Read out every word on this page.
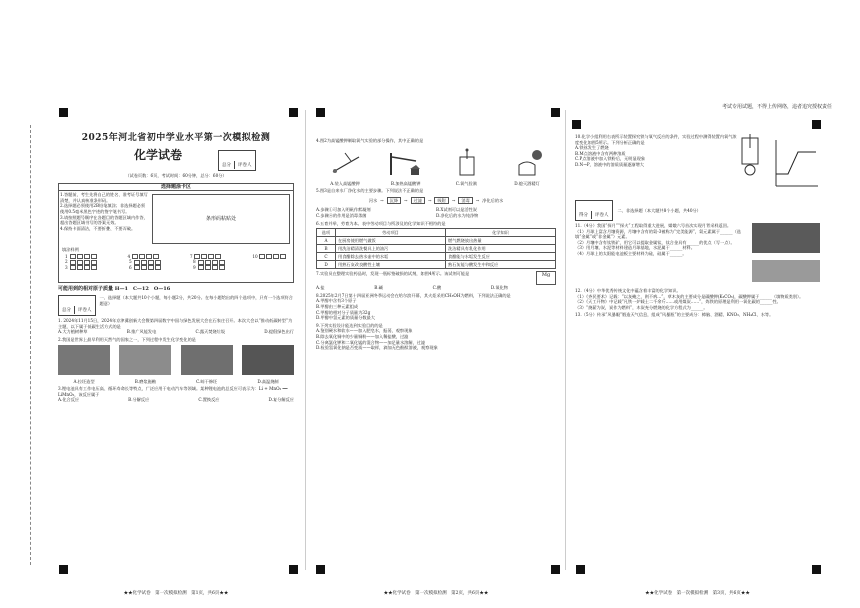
考试专用试题，不得上传网络，违者追究授权责任
2025年河北省初中学业水平第一次模拟检测
化学试卷
总分 评卷人
（试卷页数：6页，考试时间：60分钟，总分：60分）
选择题涂卡区
1.答题前，考生先将自己的姓名、准考证号填写清楚，并认真核准条形码。
2.选择题必须使用2B铅笔填涂；非选择题必须使用0.5毫米黑色字迹的签字笔书写。
3.请按照题号顺序在各题目的答题区域内作答，超出答题区域书写的答案无效。
4.保持卡面清洁，不要折叠、不要弄破。
条形码粘贴处
填涂样例
1	4	7	10
2	5	8
3	6	9
可能用到的相对原子质量 H—1　C—12　O—16
总分 评卷人
一、选择题（本大题共10个小题，每小题2分，共20分。在每小题给出的四个选项中，只有一个选项符合题意）
1. 2024年11月15日，2024年京津冀创新大会暨第四届数字中国与绿色发展大会在石家庄召开。本次大会以“推动低碳转型”为主题，以下属于低碳生活方式的是
A.大力植树种草	B.推广风能发电	C.露天焚烧垃圾	D.提倡绿色出行
2.我国是世界上最早利用天然气的国家之一，下列过程中发生化学变化的是
A.拉坯造型	B.磨浆施釉	C.晾干修坯	D.高温烧制
3.锂电池具有工作电压高、循环寿命长等特点，广泛应用于电动汽车等领域。某种锂电池的总反应可表示为：Li + MnO₂ ══ LiMnO₂，该反应属于
A.化合反应	B.分解反应	C.置换反应	D.复分解反应
★★化学试卷　第一次模拟检测　第1页，共6页★★
4.图2为高锰酸钾制取氧气实验的部分操作，其中正确的是
A.装入高锰酸钾	B.加热高锰酸钾	C.氧气验满	D.熄灭酒精灯
5.图3是自来水厂净化水的主要步骤。下列说法不正确的是
河水 →	沉降	→	过滤	→	吸附	→	消毒	→ 净化后的水
A.步骤①可加入明矾作絮凝剂	B.X试剂可以是活性炭
C.步骤④的作用是消毒杀菌	D.净化后的水为纯净物
6.五育并举，劳育为本。表中劳动项目与所涉及的化学知识不相符的是
选项	劳动项目	化学知识
A	在厨房使用燃气做饭	燃气燃烧放出热量
B	用洗洁精清洗餐具上的油污	洗洁精具有乳化作用
C	用食醋除去热水壶中的水垢	食醋能与水垢发生反应
D	用熟石灰改良酸性土壤	熟石灰能与酸发生中和反应
7.实验员在整理实验药品时，发现一瓶标签破损的试剂，如图4所示。该试剂可能是	Mg
A.盐	B.碱	C.酸	D.氧化物
8.2025年2月7日第十四届亚洲冬季运动会在哈尔滨开幕，其火炬采用CH₃OH为燃料，下列说法正确的是
A.甲醇中含有3个原子
B.甲醇由三种元素组成
C.甲醇的相对分子质量为32g
D.甲醇中氢元素的质量分数最大
9.下列实验设计能达到实验目的的是
A.鉴别硬水和软水——加入肥皂水，振荡，观察现象
B.除去氧化铜中的少量铜粉——加入稀盐酸，过滤
C.分离氯化钾和二氧化锰的混合物——加足量水溶解，过滤
D.检验氢氧化钠是否变质——取样，滴加无色酚酞溶液，观察现象
★★化学试卷　第一次模拟检测　第2页，共6页★★
10.化学小组利用右表所示装置探究铁与氧气反应的条件，实验过程中测得装置内氧气浓度变化如图5所示。下列分析正确的是
A.铁丝发生了燃烧
B.M点溶液中含有两种溶质
C.P点溶液中加入铁粉后，无明显现象
D.N→P，溶液中的溶质质量逐渐增大
得分 评卷人
二、非选择题（本大题共8个小题，共40分）
11.（4分）我国“探月”“探火”工程取得重大进展，嫦娥六号首次实现月背采样返回。
（1）月球上富含月壤资源，月壤中含有的氦-3被称为“完美能源”，氦元素属于______（选填“金属”或“非金属”）元素。
（2）月壤中含有钛铁矿，用它可以提取金属钛，钛合金具有______的优点（写一点）。
（3）用月壤、水泥等材料建造月球基地，水泥属于______材料。
（4）月球上的太阳能电池板主要材料为硅，硅属于______。

12.（4分）中华优秀传统文化中蕴含着丰富的化学知识。
（1）《齐民要术》记载：“以灰掩之，则不病...”，草木灰的主要成分是碳酸钾(K₂CO₃)，碳酸钾属于______（填物质类别）。
（2）《天工开物》中记载“凡铁一炉载土二千余斤……或用煤炭……”，炼铁的原理是利用一氧化碳的______性。
（3）“烧薪为炭，炭作为燃料”，木炭充分燃烧的化学方程式为______。
13.（5分）传承“风暴眼”锻造天气信息，组成“风暴瓶”的主要成分：樟脑、酒精、KNO₃、NH₄Cl、水等。
★★化学试卷　第一次模拟检测　第3页，共6页★★
